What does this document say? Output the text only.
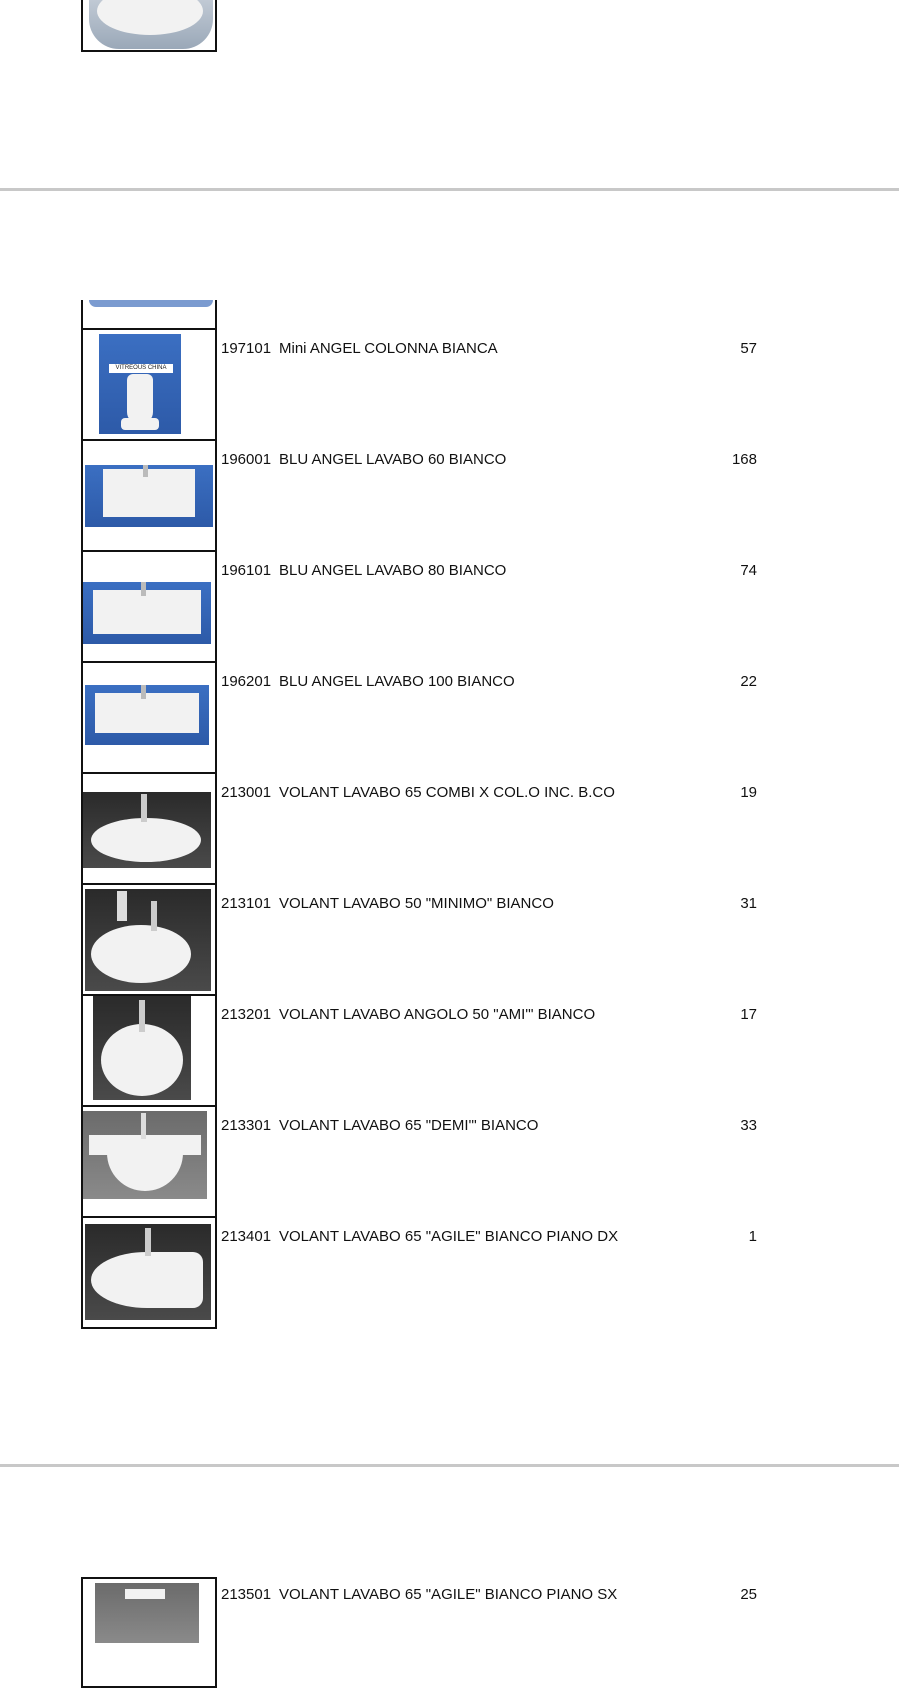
VITREOUS CHINA
197101 Mini ANGEL COLONNA BIANCA	57
196001 BLU ANGEL LAVABO 60 BIANCO	168
196101 BLU ANGEL LAVABO 80 BIANCO	74
196201 BLU ANGEL LAVABO 100 BIANCO	22
213001 VOLANT LAVABO 65 COMBI X COL.O INC. B.CO	19
213101 VOLANT LAVABO 50 "MINIMO" BIANCO	31
213201 VOLANT LAVABO ANGOLO 50 "AMI'" BIANCO	17
213301 VOLANT LAVABO 65 "DEMI'" BIANCO	33
213401 VOLANT LAVABO 65 "AGILE" BIANCO PIANO DX	1
213501 VOLANT LAVABO 65 "AGILE" BIANCO PIANO SX	25
